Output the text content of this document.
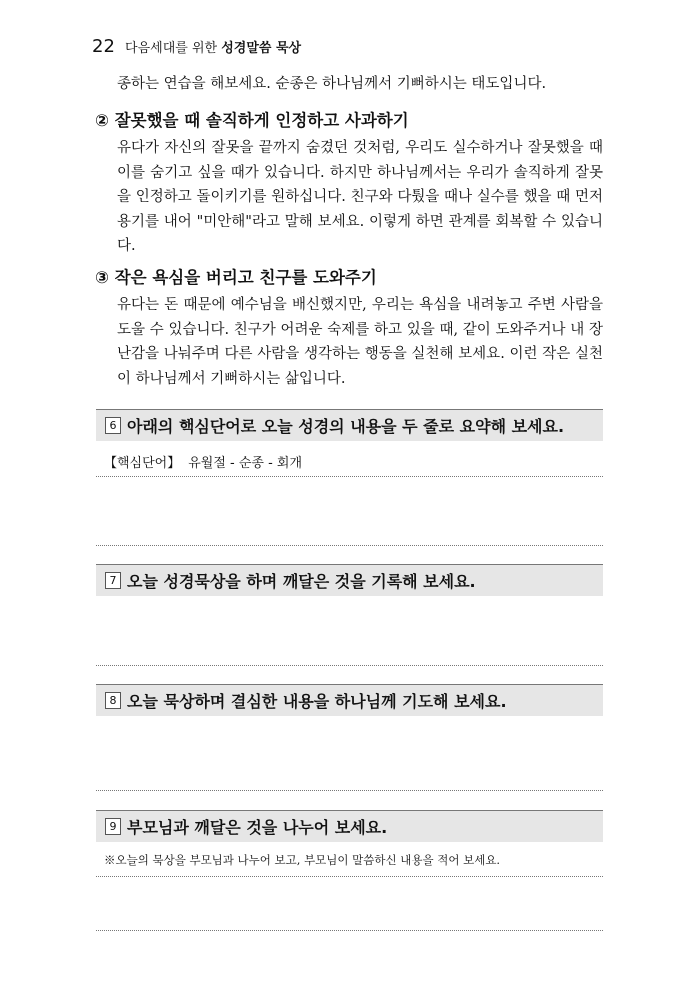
22 다음세대를 위한 성경말씀 묵상
종하는 연습을 해보세요. 순종은 하나님께서 기뻐하시는 태도입니다.
② 잘못했을 때 솔직하게 인정하고 사과하기
유다가 자신의 잘못을 끝까지 숨겼던 것처럼, 우리도 실수하거나 잘못했을 때 이를 숨기고 싶을 때가 있습니다. 하지만 하나님께서는 우리가 솔직하게 잘못을 인정하고 돌이키기를 원하십니다. 친구와 다퉜을 때나 실수를 했을 때 먼저 용기를 내어 "미안해"라고 말해 보세요. 이렇게 하면 관계를 회복할 수 있습니다.
③ 작은 욕심을 버리고 친구를 도와주기
유다는 돈 때문에 예수님을 배신했지만, 우리는 욕심을 내려놓고 주변 사람을 도울 수 있습니다. 친구가 어려운 숙제를 하고 있을 때, 같이 도와주거나 내 장난감을 나눠주며 다른 사람을 생각하는 행동을 실천해 보세요. 이런 작은 실천이 하나님께서 기뻐하시는 삶입니다.
6 아래의 핵심단어로 오늘 성경의 내용을 두 줄로 요약해 보세요.
【핵심단어】 유월절 - 순종 - 회개
7 오늘 성경묵상을 하며 깨달은 것을 기록해 보세요.
8 오늘 묵상하며 결심한 내용을 하나님께 기도해 보세요.
9 부모님과 깨달은 것을 나누어 보세요.
※오늘의 묵상을 부모님과 나누어 보고, 부모님이 말씀하신 내용을 적어 보세요.
